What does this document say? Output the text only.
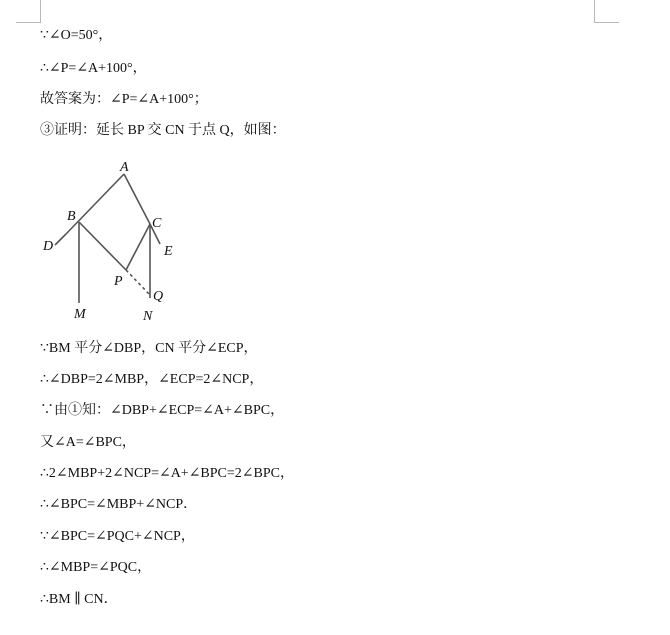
∵∠O=50°，
∴∠P=∠A+100°，
故答案为：∠P=∠A+100°；
③证明：延长 BP 交 CN 于点 Q，如图：
A
B	C
D	E
P
Q
M	N
∵BM 平分∠DBP，CN 平分∠ECP，
∴∠DBP=2∠MBP，∠ECP=2∠NCP，
∵由①知：∠DBP+∠ECP=∠A+∠BPC，
又∠A=∠BPC，
∴2∠MBP+2∠NCP=∠A+∠BPC=2∠BPC，
∴∠BPC=∠MBP+∠NCP．
∵∠BPC=∠PQC+∠NCP，
∴∠MBP=∠PQC，
∴BM ∥ CN．
